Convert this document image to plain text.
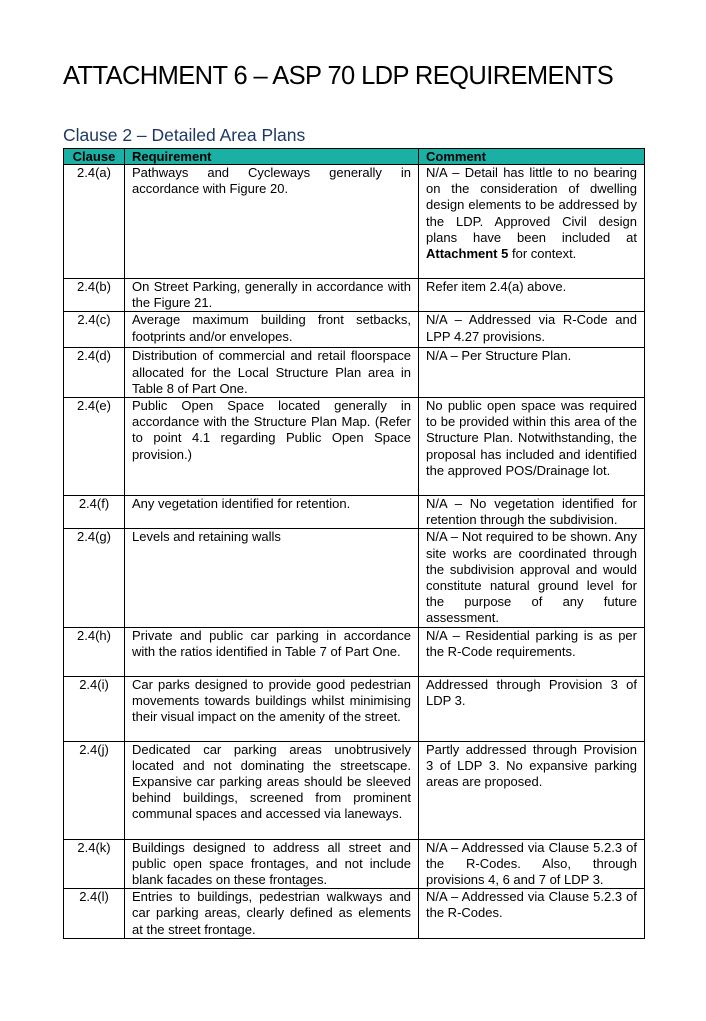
ATTACHMENT 6 – ASP 70 LDP REQUIREMENTS
Clause 2 – Detailed Area Plans
Clause	Requirement	Comment
2.4(a)	Pathways and Cycleways generally in accordance with Figure 20.	N/A – Detail has little to no bearing on the consideration of dwelling design elements to be addressed by the LDP. Approved Civil design plans have been included at Attachment 5 for context.
2.4(b)	On Street Parking, generally in accordance with the Figure 21.	Refer item 2.4(a) above.
2.4(c)	Average maximum building front setbacks, footprints and/or envelopes.	N/A – Addressed via R-Code and LPP 4.27 provisions.
2.4(d)	Distribution of commercial and retail floorspace allocated for the Local Structure Plan area in Table 8 of Part One.	N/A – Per Structure Plan.
2.4(e)	Public Open Space located generally in accordance with the Structure Plan Map. (Refer to point 4.1 regarding Public Open Space provision.)	No public open space was required to be provided within this area of the Structure Plan. Notwithstanding, the proposal has included and identified the approved POS/Drainage lot.
2.4(f)	Any vegetation identified for retention.	N/A – No vegetation identified for retention through the subdivision.
2.4(g)	Levels and retaining walls	N/A – Not required to be shown. Any site works are coordinated through the subdivision approval and would constitute natural ground level for the purpose of any future assessment.
2.4(h)	Private and public car parking in accordance with the ratios identified in Table 7 of Part One.	N/A – Residential parking is as per the R-Code requirements.
2.4(i)	Car parks designed to provide good pedestrian movements towards buildings whilst minimising their visual impact on the amenity of the street.	Addressed through Provision 3 of LDP 3.
2.4(j)	Dedicated car parking areas unobtrusively located and not dominating the streetscape. Expansive car parking areas should be sleeved behind buildings, screened from prominent communal spaces and accessed via laneways.	Partly addressed through Provision 3 of LDP 3. No expansive parking areas are proposed.
2.4(k)	Buildings designed to address all street and public open space frontages, and not include blank facades on these frontages.	N/A – Addressed via Clause 5.2.3 of the R-Codes. Also, through provisions 4, 6 and 7 of LDP 3.
2.4(l)	Entries to buildings, pedestrian walkways and car parking areas, clearly defined as elements at the street frontage.	N/A – Addressed via Clause 5.2.3 of the R-Codes.
